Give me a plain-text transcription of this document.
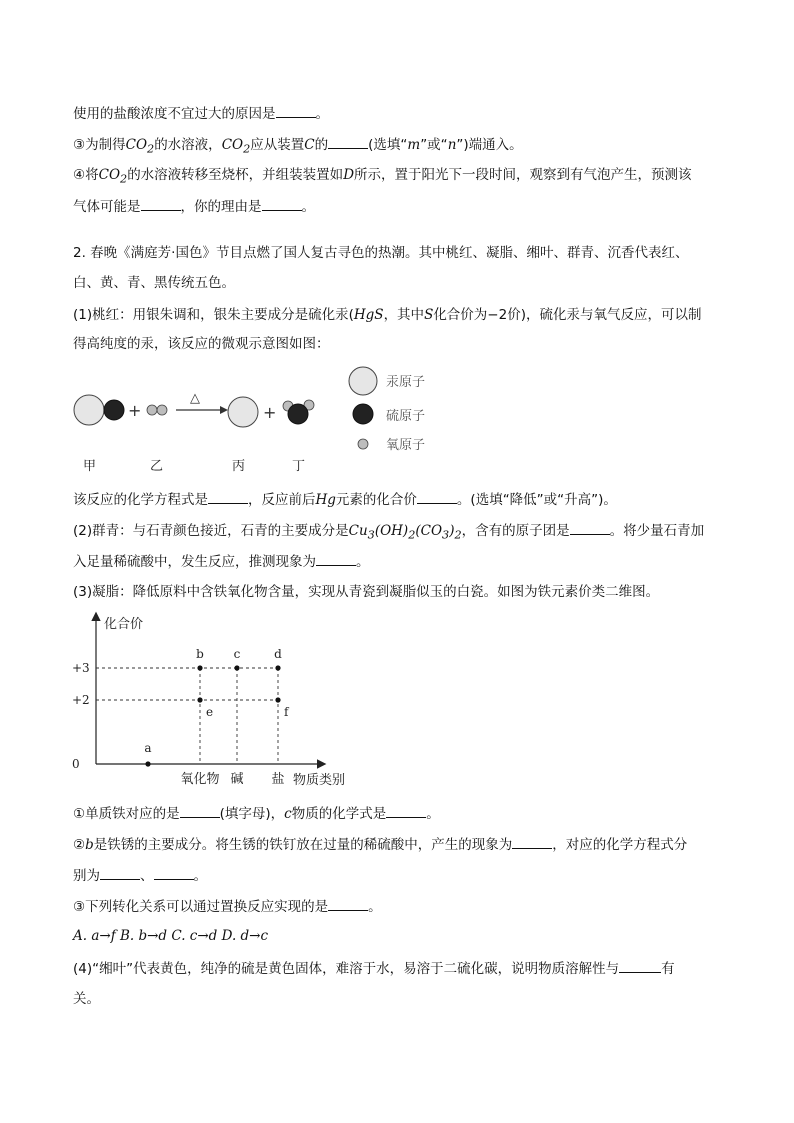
使用的盐酸浓度不宜过大的原因是	。
③为制得$CO_2$的水溶液，$CO_2$应从装置C的	(选填“m”或“n”)端通入。
④将$CO_2$的水溶液转移至烧杯，并组装装置如D所示，置于阳光下一段时间，观察到有气泡产生，预测该
气体可能是	，你的理由是	。
2. 春晚《满庭芳·国色》节目点燃了国人复古寻色的热潮。其中桃红、凝脂、缃叶、群青、沉香代表红、
白、黄、青、黑传统五色。
(1)桃红：用银朱调和，银朱主要成分是硫化汞(HgS，其中S化合价为−2价)，硫化汞与氧气反应，可以制
得高纯度的汞，该反应的微观示意图如图：
+
△
+
甲	乙	丙	丁
汞原子
硫原子
氧原子
该反应的化学方程式是	，反应前后Hg元素的化合价	。(选填“降低”或“升高”)。
(2)群青：与石青颜色接近，石青的主要成分是$Cu_3(OH)_2(CO_3)_2$，含有的原子团是	。将少量石青加
入足量稀硫酸中，发生反应，推测现象为	。
(3)凝脂：降低原料中含铁氧化物含量，实现从青瓷到凝脂似玉的白瓷。如图为铁元素价类二维图。
化合价
物质类别
0
+2
+3
氧化物 碱 盐
a
b
e
c	d
f
①单质铁对应的是	(填字母)，c物质的化学式是	。
②b是铁锈的主要成分。将生锈的铁钉放在过量的稀硫酸中，产生的现象为	，对应的化学方程式分
别为	、	。
③下列转化关系可以通过置换反应实现的是	。
A. a→f B. b→d C. c→d D. d→c
(4)“缃叶”代表黄色，纯净的硫是黄色固体，难溶于水，易溶于二硫化碳，说明物质溶解性与	有
关。
